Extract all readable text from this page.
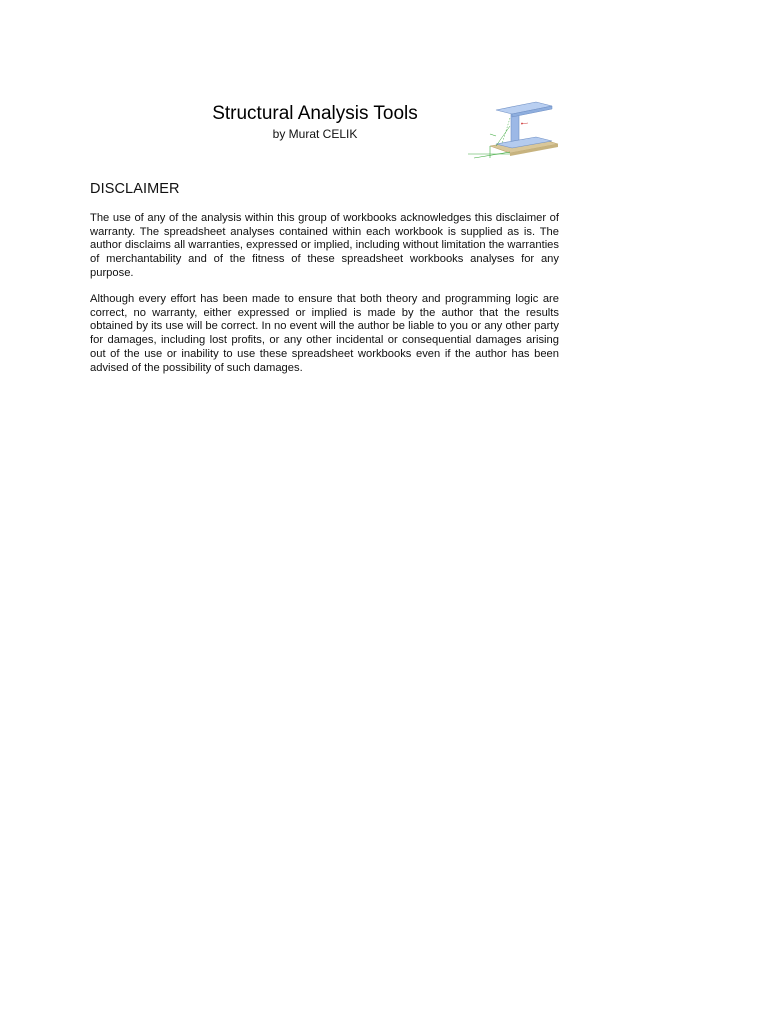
Structural Analysis Tools
by Murat CELIK
DISCLAIMER

The use of any of the analysis within this group of workbooks acknowledges this disclaimer of warranty. The spreadsheet analyses contained within each workbook is supplied as is. The author disclaims all warranties, expressed or implied, including without limitation the warranties of merchantability and of the fitness of these spreadsheet workbooks analyses for any purpose.

Although every effort has been made to ensure that both theory and programming logic are correct, no warranty, either expressed or implied is made by the author that the results obtained by its use will be correct. In no event will the author be liable to you or any other party for damages, including lost profits, or any other incidental or consequential damages arising out of the use or inability to use these spreadsheet workbooks even if the author has been advised of the possibility of such damages.
